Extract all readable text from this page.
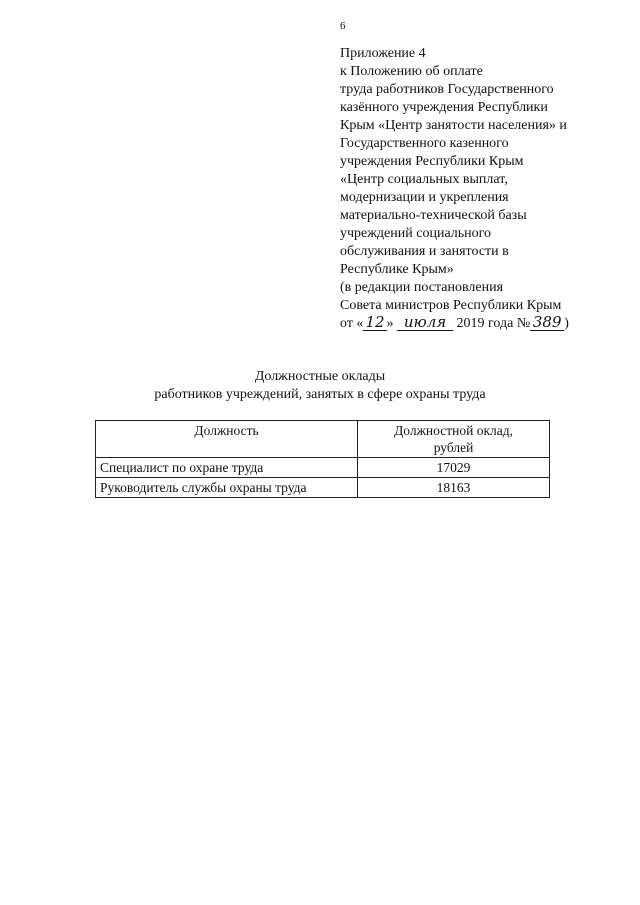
6
Приложение 4
к Положению об оплате
труда работников Государственного
казённого учреждения Республики
Крым «Центр занятости населения» и
Государственного казенного
учреждения Республики Крым
«Центр социальных выплат,
модернизации и укрепления
материально-технической базы
учреждений социального
обслуживания и занятости в
Республике Крым»
(в редакции постановления
Совета министров Республики Крым
от « 12 » июля 2019 года № 389 )
Должностные оклады
работников учреждений, занятых в сфере охраны труда
Должность	Должностной оклад,
рублей

Специалист по охране труда	17029
Руководитель службы охраны труда	18163
